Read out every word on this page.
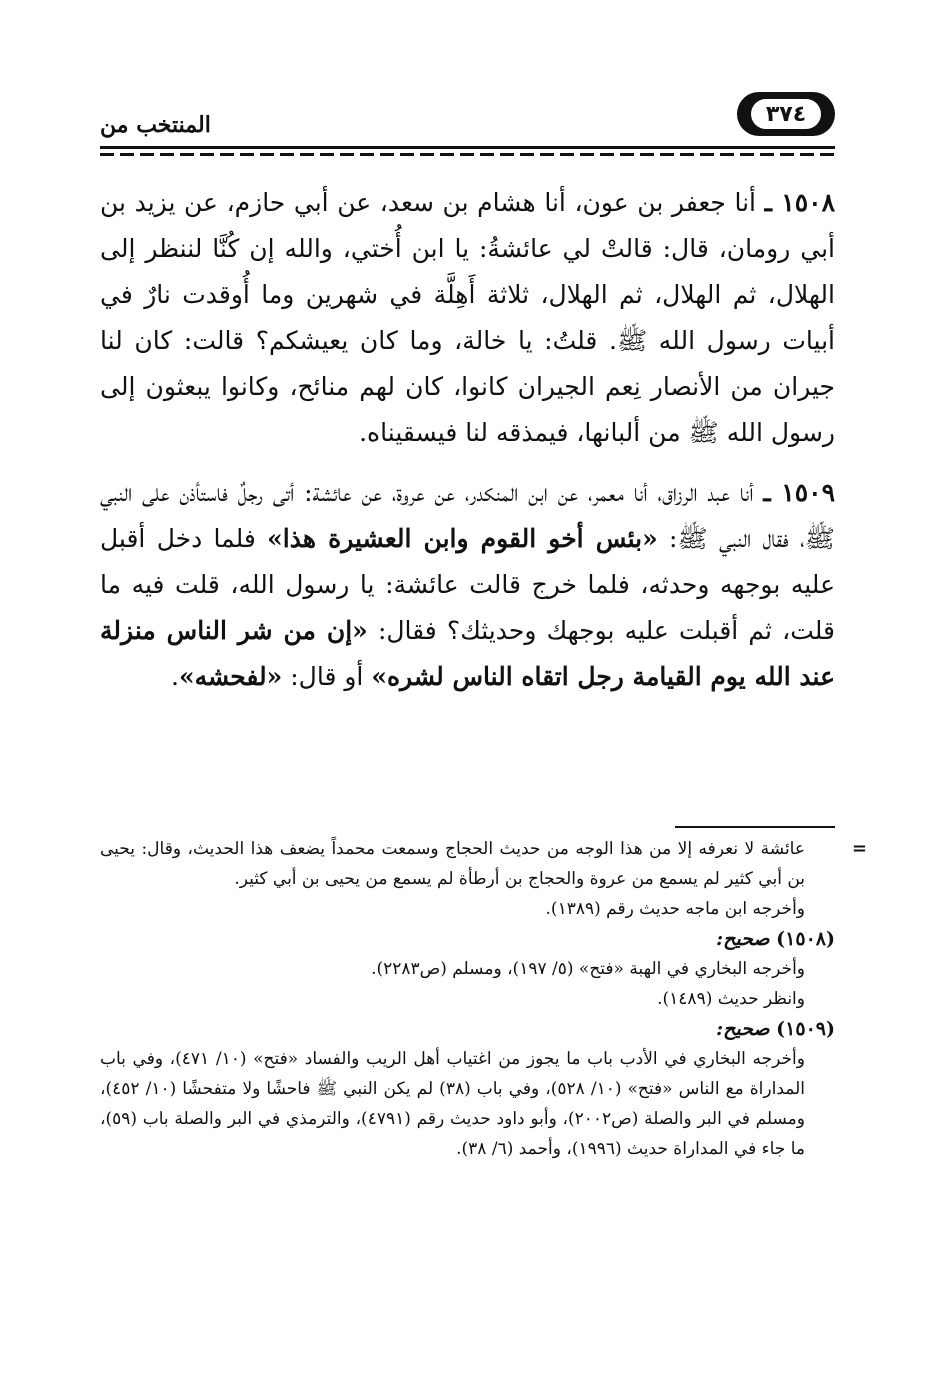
المنتخب من	٣٧٤

١٥٠٨ ـ أنا جعفر بن عون، أنا هشام بن سعد، عن أبي حازم، عن يزيد بن أبي رومان، قال: قالتْ لي عائشةُ: يا ابن أُختي، والله إن كُنَّا لننظر إلى الهلال، ثم الهلال، ثم الهلال، ثلاثة أَهِلَّة في شهرين وما أُوقدت نارٌ في أبيات رسول الله ﷺ. قلتُ: يا خالة، وما كان يعيشكم؟ قالت: كان لنا جيران من الأنصار نِعم الجيران كانوا، كان لهم منائح، وكانوا يبعثون إلى رسول الله ﷺ من ألبانها، فيمذقه لنا فيسقيناه.

١٥٠٩ ـ أنا عبد الرزاق، أنا معمر، عن ابن المنكدر، عن عروة، عن عائشة: أتى رجلٌ فاستأذن على النبي ﷺ، فقال النبي ﷺ: «بئس أخو القوم وابن العشيرة هذا» فلما دخل أقبل عليه بوجهه وحدثه، فلما خرج قالت عائشة: يا رسول الله، قلت فيه ما قلت، ثم أقبلت عليه بوجهك وحديثك؟ فقال: «إن من شر الناس منزلة عند الله يوم القيامة رجل اتقاه الناس لشره» أو قال: «لفحشه».

=

عائشة لا نعرفه إلا من هذا الوجه من حديث الحجاج وسمعت محمداً يضعف هذا الحديث، وقال: يحيى بن أبي كثير لم يسمع من عروة والحجاج بن أرطأة لم يسمع من يحيى بن أبي كثير.

وأخرجه ابن ماجه حديث رقم (١٣٨٩).

(١٥٠٨) صحيح:

وأخرجه البخاري في الهبة «فتح» (٥/ ١٩٧)، ومسلم (ص٢٢٨٣).

وانظر حديث (١٤٨٩).

(١٥٠٩) صحيح:

وأخرجه البخاري في الأدب باب ما يجوز من اغتياب أهل الريب والفساد «فتح» (١٠/ ٤٧١)، وفي باب المداراة مع الناس «فتح» (١٠/ ٥٢٨)، وفي باب (٣٨) لم يكن النبي ﷺ فاحشًا ولا متفحشًا (١٠/ ٤٥٢)، ومسلم في البر والصلة (ص٢٠٠٢)، وأبو داود حديث رقم (٤٧٩١)، والترمذي في البر والصلة باب (٥٩)، ما جاء في المداراة حديث (١٩٩٦)، وأحمد (٦/ ٣٨).
